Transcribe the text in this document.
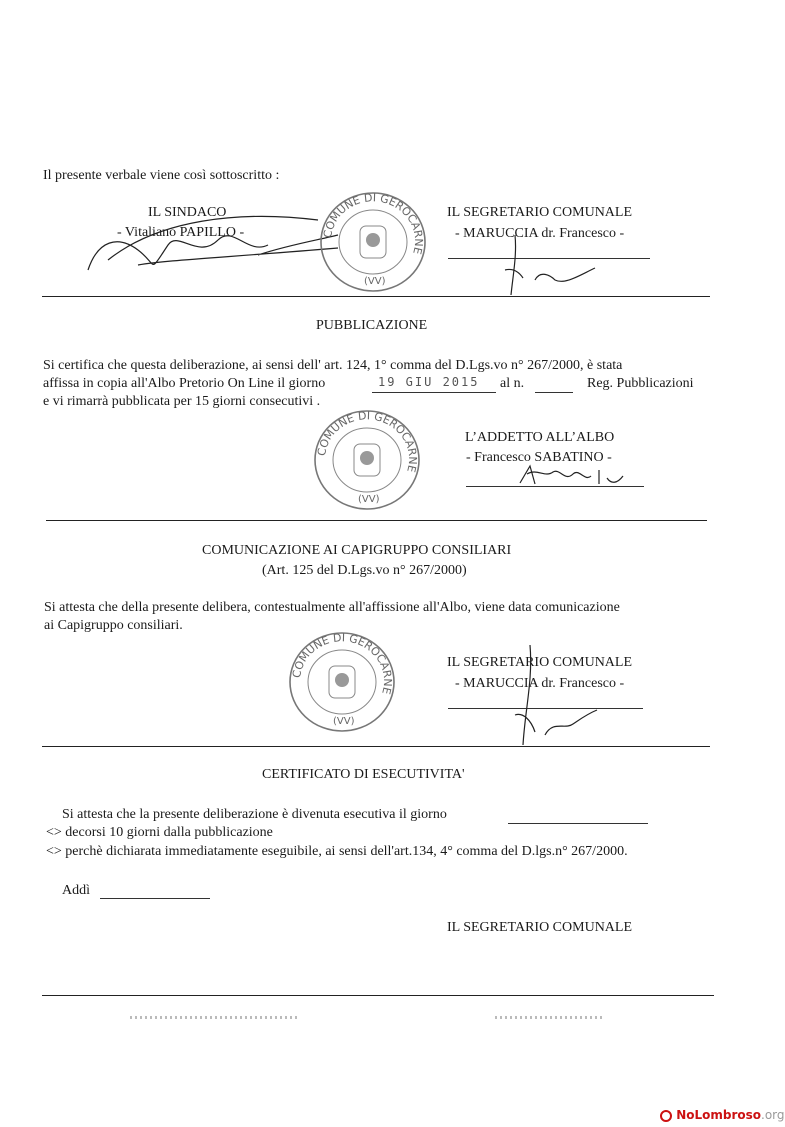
Il presente verbale viene così sottoscritto :
IL SINDACO
- Vitaliano PAPILLO -	COMUNE DI GEROCARNE
(VV)
IL SEGRETARIO COMUNALE
- MARUCCIA dr. Francesco -
PUBBLICAZIONE
Si certifica che questa deliberazione, ai sensi dell' art. 124, 1° comma del D.Lgs.vo n° 267/2000, è stata
affissa in copia all'Albo Pretorio On Line il giorno	19 GIU 2015 al n.	Reg. Pubblicazioni
e vi rimarrà pubblicata per 15 giorni consecutivi .
COMUNE DI GEROCARNE
(VV)
L’ADDETTO ALL’ALBO
- Francesco SABATINO -
COMUNICAZIONE AI CAPIGRUPPO CONSILIARI
(Art. 125 del D.Lgs.vo n° 267/2000)
Si attesta che della presente delibera, contestualmente all'affissione all'Albo, viene data comunicazione
ai Capigruppo consiliari.
COMUNE DI GEROCARNE
(VV)
IL SEGRETARIO COMUNALE
- MARUCCIA dr. Francesco -
CERTIFICATO DI ESECUTIVITA'
Si attesta che la presente deliberazione è divenuta esecutiva il giorno
<> decorsi 10 giorni dalla pubblicazione
<> perchè dichiarata immediatamente eseguibile, ai sensi dell'art.134, 4° comma del D.lgs.n° 267/2000.
Addì
IL SEGRETARIO COMUNALE
NoLombroso.org
